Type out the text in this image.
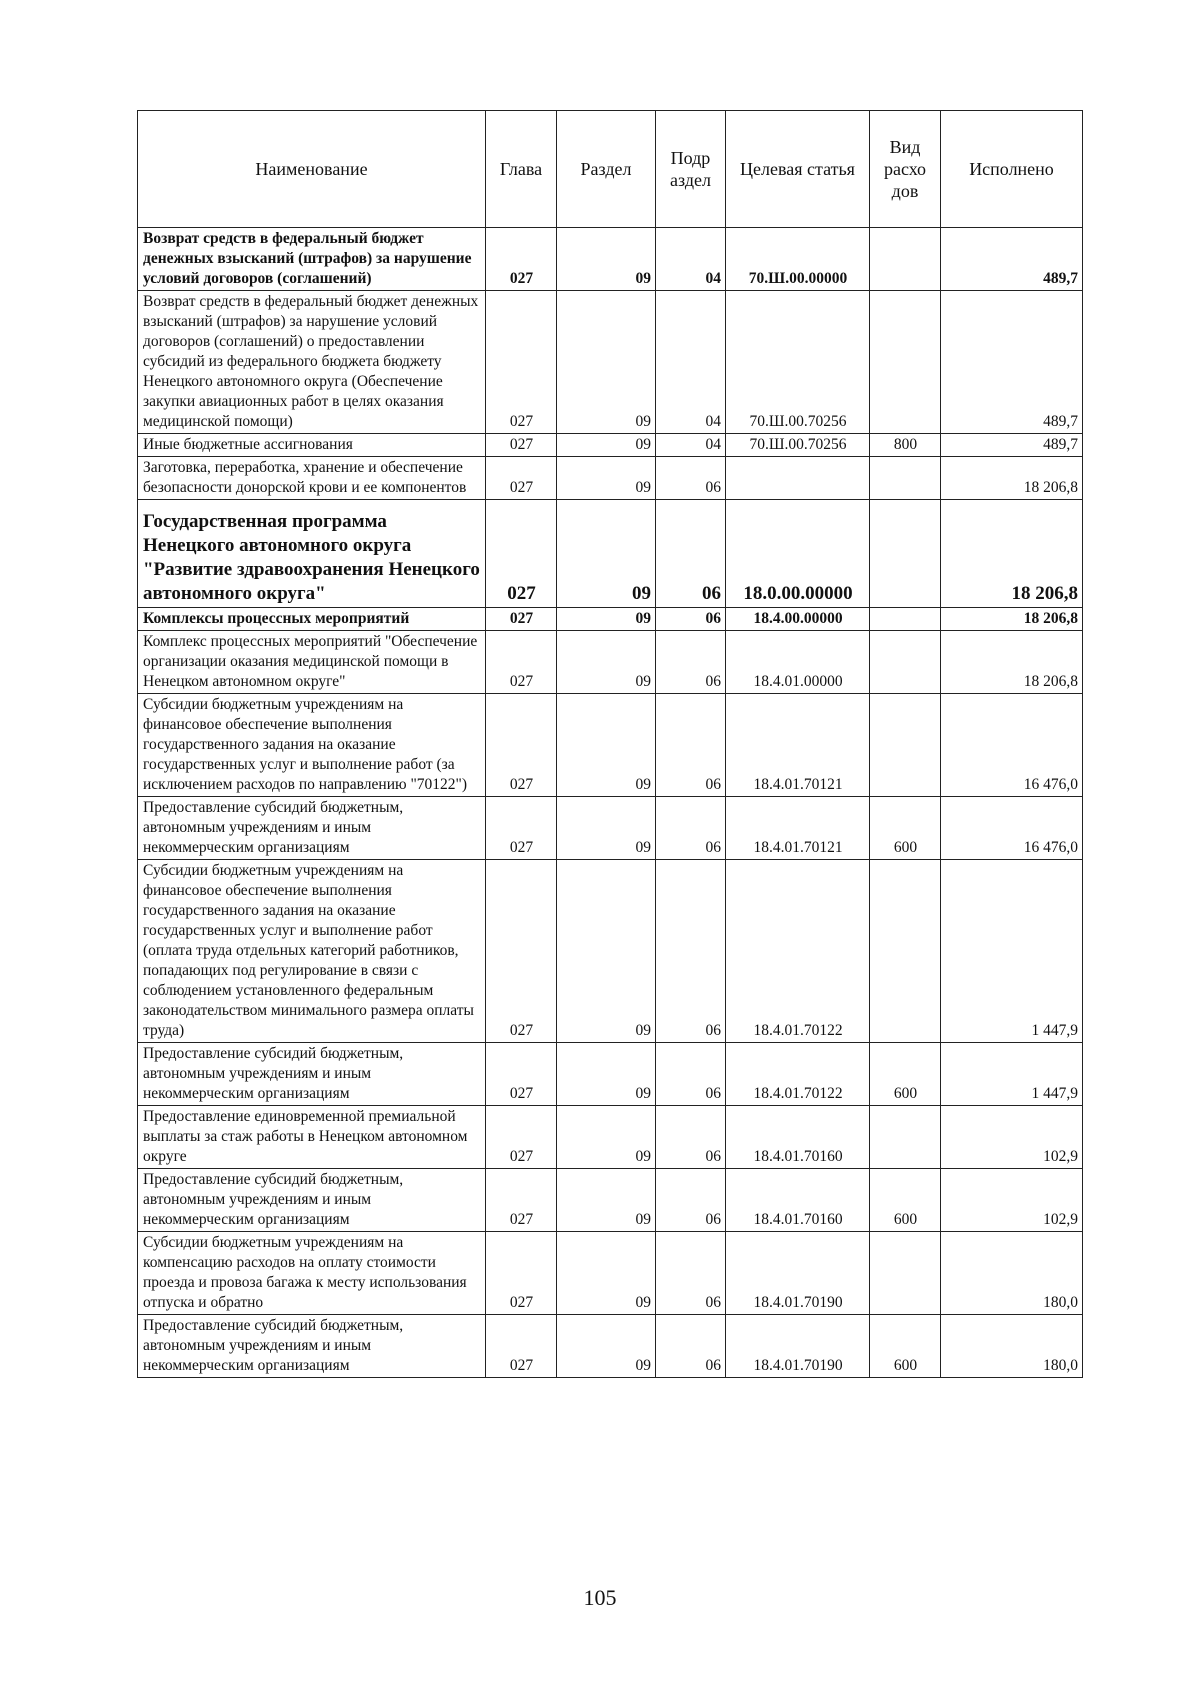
Наименование	Глава	Раздел	Подр аздел	Целевая статья	Вид расхо дов	Исполнено
Возврат средств в федеральный бюджет денежных взысканий (штрафов) за нарушение условий договоров (соглашений)	027	09	04	70.Ш.00.00000		489,7
Возврат средств в федеральный бюджет денежных взысканий (штрафов) за нарушение условий договоров (соглашений) о предоставлении субсидий из федерального бюджета бюджету Ненецкого автономного округа (Обеспечение закупки авиационных работ в целях оказания медицинской помощи)	027	09	04	70.Ш.00.70256		489,7
Иные бюджетные ассигнования	027	09	04	70.Ш.00.70256	800	489,7
Заготовка, переработка, хранение и обеспечение безопасности донорской крови и ее компонентов	027	09	06			18 206,8
Государственная программа Ненецкого автономного округа "Развитие здравоохранения Ненецкого автономного округа"	027	09	06	18.0.00.00000		18 206,8
Комплексы процессных мероприятий	027	09	06	18.4.00.00000		18 206,8
Комплекс процессных мероприятий "Обеспечение организации оказания медицинской помощи в Ненецком автономном округе"	027	09	06	18.4.01.00000		18 206,8
Субсидии бюджетным учреждениям на финансовое обеспечение выполнения государственного задания на оказание государственных услуг и выполнение работ (за исключением расходов по направлению "70122")	027	09	06	18.4.01.70121		16 476,0
Предоставление субсидий бюджетным, автономным учреждениям и иным некоммерческим организациям	027	09	06	18.4.01.70121	600	16 476,0
Субсидии бюджетным учреждениям на финансовое обеспечение выполнения государственного задания на оказание государственных услуг и выполнение работ (оплата труда отдельных категорий работников, попадающих под регулирование в связи с соблюдением установленного федеральным законодательством минимального размера оплаты труда)	027	09	06	18.4.01.70122		1 447,9
Предоставление субсидий бюджетным, автономным учреждениям и иным некоммерческим организациям	027	09	06	18.4.01.70122	600	1 447,9
Предоставление единовременной премиальной выплаты за стаж работы в Ненецком автономном округе	027	09	06	18.4.01.70160		102,9
Предоставление субсидий бюджетным, автономным учреждениям и иным некоммерческим организациям	027	09	06	18.4.01.70160	600	102,9
Субсидии бюджетным учреждениям на компенсацию расходов на оплату стоимости проезда и провоза багажа к месту использования отпуска и обратно	027	09	06	18.4.01.70190		180,0
Предоставление субсидий бюджетным, автономным учреждениям и иным некоммерческим организациям	027	09	06	18.4.01.70190	600	180,0
105
